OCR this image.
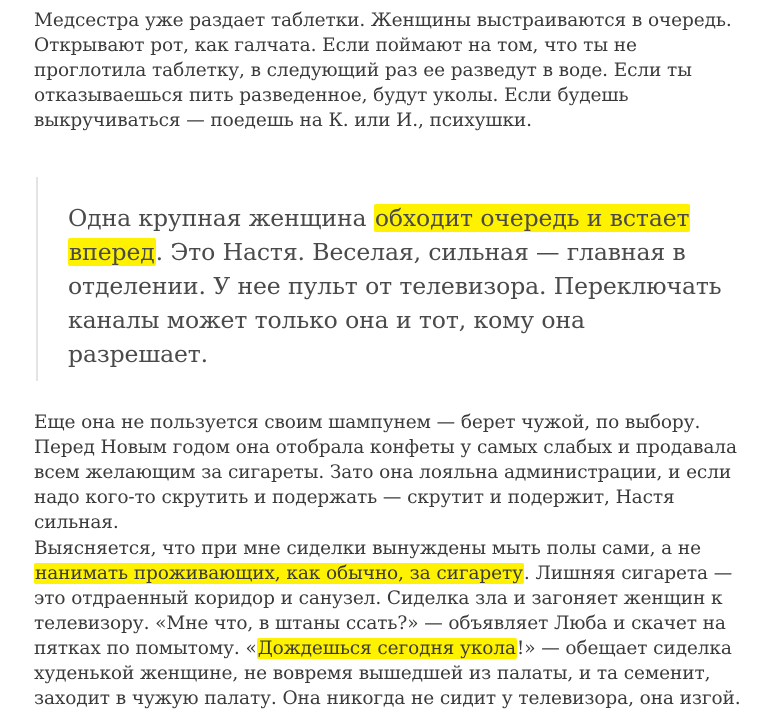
Медсестра уже раздает таблетки. Женщины выстраиваются в очередь. Открывают рот, как галчата. Если поймают на том, что ты не проглотила таблетку, в следующий раз ее разведут в воде. Если ты отказываешься пить разведенное, будут уколы. Если будешь выкручиваться — поедешь на К. или И., психушки.

Одна крупная женщина обходит очередь и встает вперед. Это Настя. Веселая, сильная — главная в отделении. У нее пульт от телевизора. Переключать каналы может только она и тот, кому она разрешает.

Еще она не пользуется своим шампунем — берет чужой, по выбору. Перед Новым годом она отобрала конфеты у самых слабых и продавала всем желающим за сигареты. Зато она лояльна администрации, и если надо кого-то скрутить и подержать — скрутит и подержит, Настя сильная.

Выясняется, что при мне сиделки вынуждены мыть полы сами, а не нанимать проживающих, как обычно, за сигарету. Лишняя сигарета — это отдраенный коридор и санузел. Сиделка зла и загоняет женщин к телевизору. «Мне что, в штаны ссать?» — объявляет Люба и скачет на пятках по помытому. «Дождешься сегодня укола!» — обещает сиделка худенькой женщине, не вовремя вышедшей из палаты, и та семенит, заходит в чужую палату. Она никогда не сидит у телевизора, она изгой.
